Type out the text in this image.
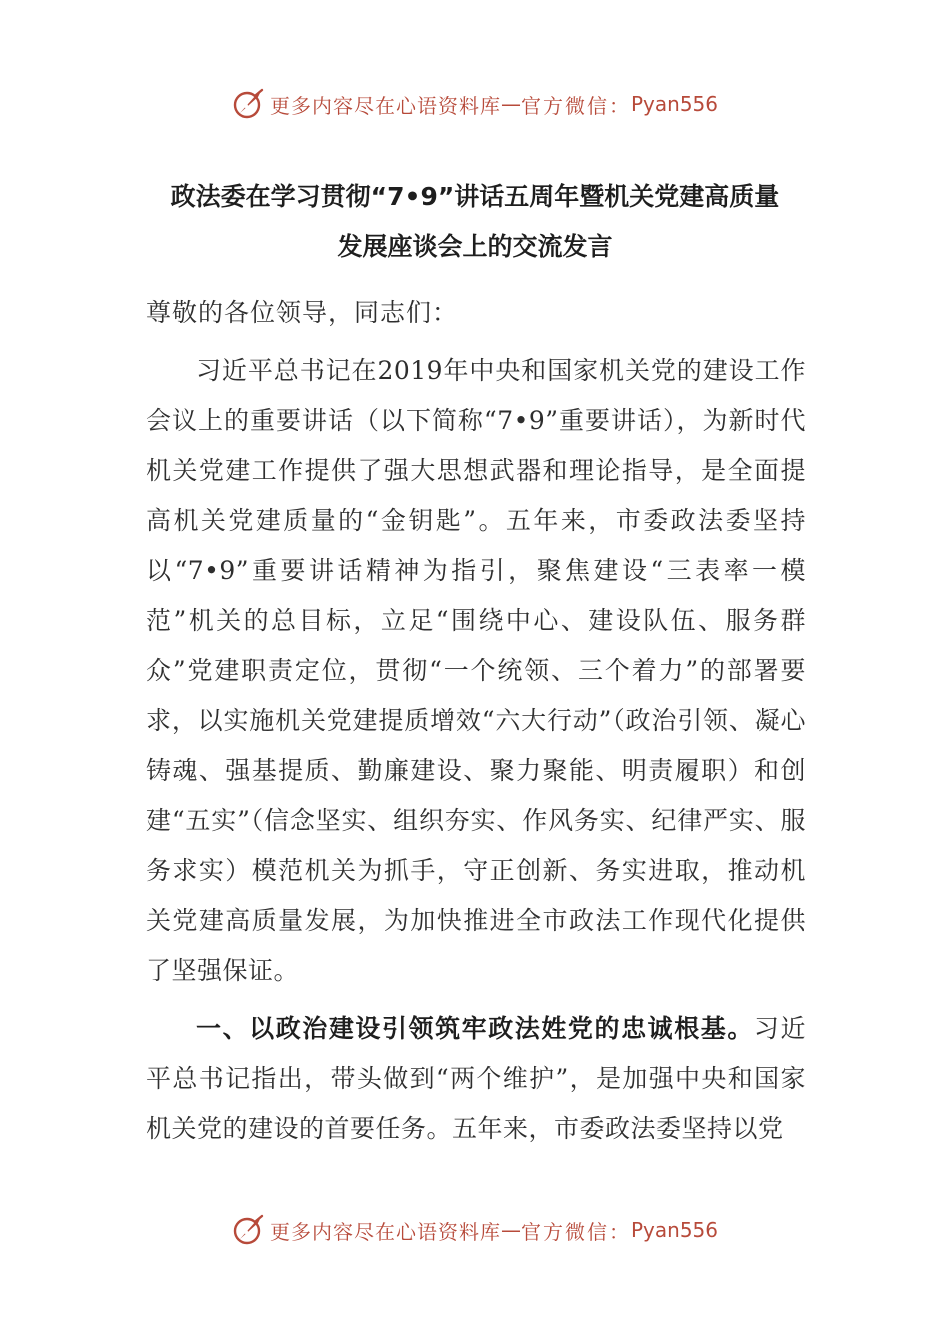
更多内容尽在心语资料库 — 官方微信： Pyan556
政法委在学习贯彻“7•9”讲话五周年暨机关党建高质量
发展座谈会上的交流发言
尊敬的各位领导，同志们：
习近平总书记在2019年中央和国家机关党的建设工作会议上的重要讲话（以下简称“7•9”重要讲话），为新时代机关党建工作提供了强大思想武器和理论指导，是全面提高机关党建质量的“金钥匙”。五年来，市委政法委坚持以“7•9”重要讲话精神为指引，聚焦建设“三表率一模范”机关的总目标，立足“围绕中心、建设队伍、服务群众”党建职责定位，贯彻“一个统领、三个着力”的部署要求，以实施机关党建提质增效“六大行动”（政治引领、凝心铸魂、强基提质、勤廉建设、聚力聚能、明责履职）和创建“五实”（信念坚实、组织夯实、作风务实、纪律严实、服务求实）模范机关为抓手，守正创新、务实进取，推动机关党建高质量发展，为加快推进全市政法工作现代化提供了坚强保证。
一、以政治建设引领筑牢政法姓党的忠诚根基。习近平总书记指出，带头做到“两个维护”，是加强中央和国家机关党的建设的首要任务。五年来，市委政法委坚持以党
更多内容尽在心语资料库 — 官方微信： Pyan556
